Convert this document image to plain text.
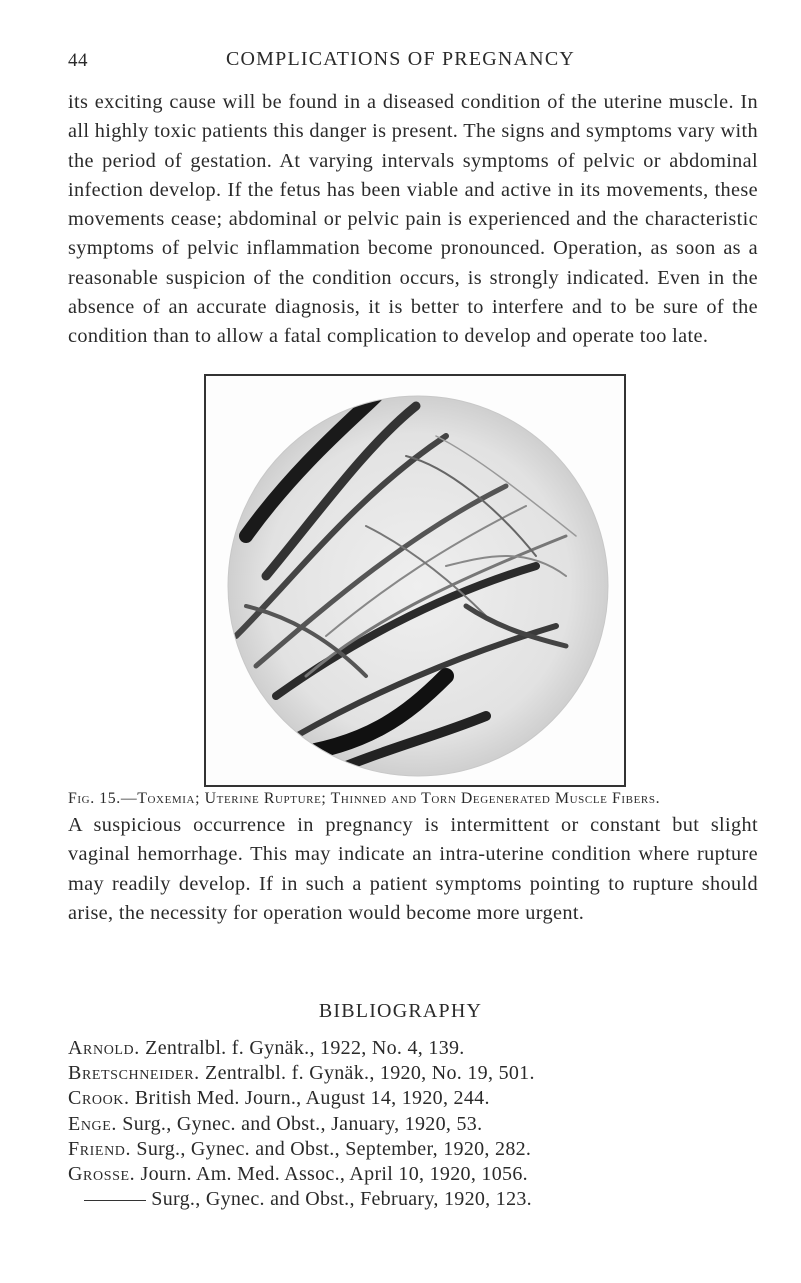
44	COMPLICATIONS OF PREGNANCY

its exciting cause will be found in a diseased condition of the uterine muscle. In all highly toxic patients this danger is present. The signs and symptoms vary with the period of gestation. At varying intervals symptoms of pelvic or abdominal infection develop. If the fetus has been viable and active in its movements, these movements cease; abdominal or pelvic pain is experienced and the characteristic symptoms of pelvic inflammation become pronounced. Operation, as soon as a reasonable suspicion of the condition occurs, is strongly indicated. Even in the absence of an accurate diagnosis, it is better to interfere and to be sure of the condition than to allow a fatal complication to develop and operate too late.

Fig. 15.—Toxemia; Uterine Rupture; Thinned and Torn Degenerated Muscle Fibers.

A suspicious occurrence in pregnancy is intermittent or constant but slight vaginal hemorrhage. This may indicate an intra-uterine condition where rupture may readily develop. If in such a patient symptoms pointing to rupture should arise, the necessity for operation would become more urgent.

BIBLIOGRAPHY
Arnold. Zentralbl. f. Gynäk., 1922, No. 4, 139.
Bretschneider. Zentralbl. f. Gynäk., 1920, No. 19, 501.
Crook. British Med. Journ., August 14, 1920, 244.
Enge. Surg., Gynec. and Obst., January, 1920, 53.
Friend. Surg., Gynec. and Obst., September, 1920, 282.
Grosse. Journ. Am. Med. Assoc., April 10, 1920, 1056.
Surg., Gynec. and Obst., February, 1920, 123.
